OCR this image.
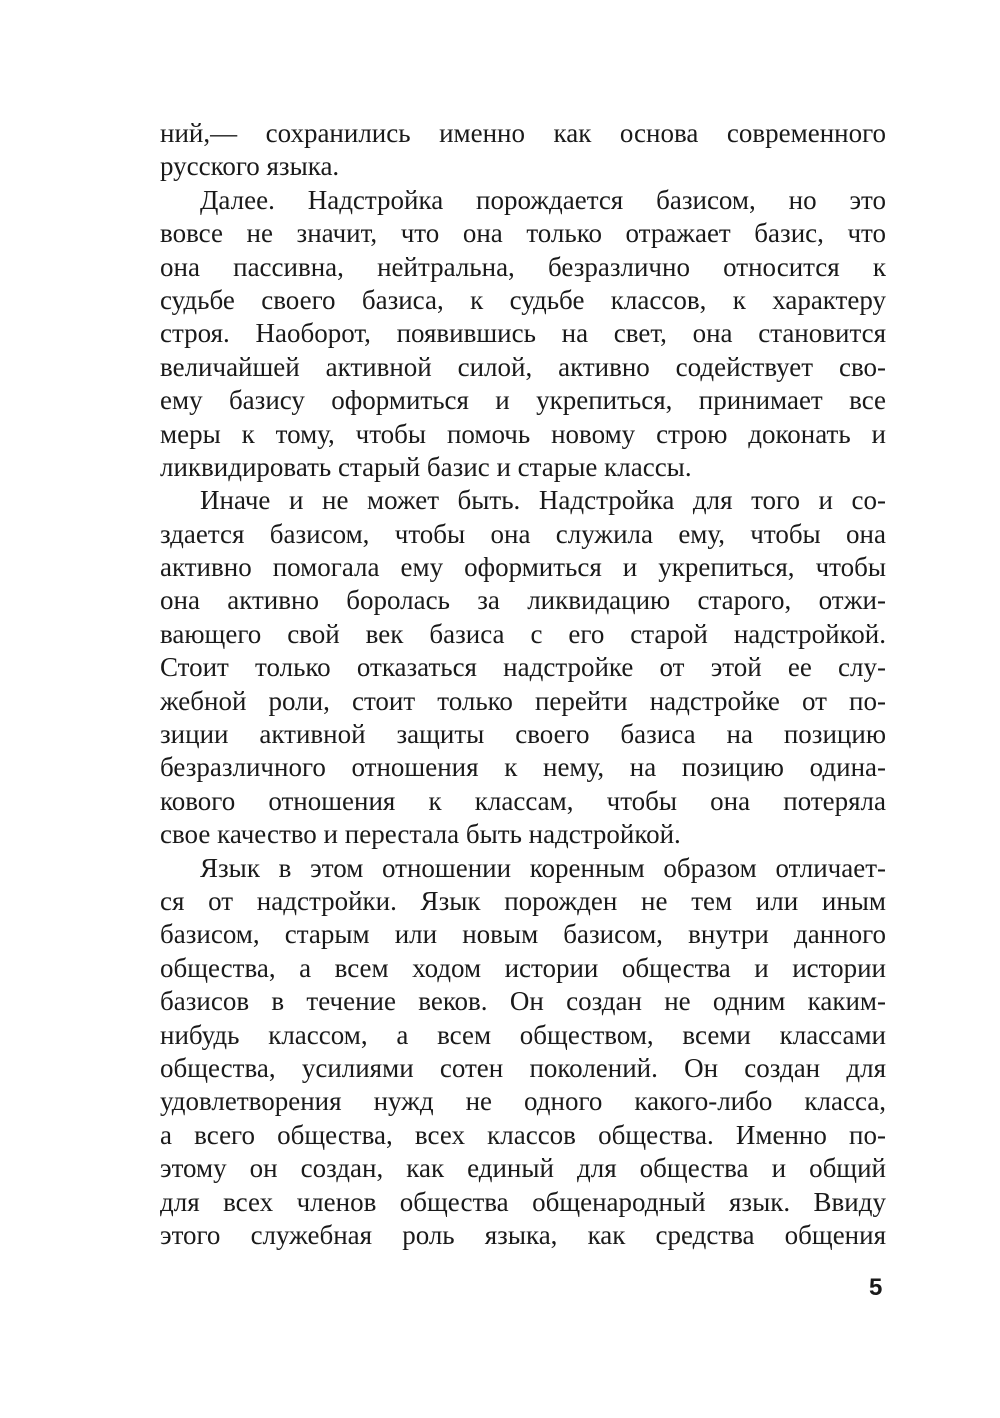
ний,— сохранились именно как основа современного
русского языка.
Далее. Надстройка порождается базисом, но это
вовсе не значит, что она только отражает базис, что
она пассивна, нейтральна, безразлично относится к
судьбе своего базиса, к судьбе классов, к характеру
строя. Наоборот, появившись на свет, она становится
величайшей активной силой, активно содействует сво-
ему базису оформиться и укрепиться, принимает все
меры к тому, чтобы помочь новому строю доконать и
ликвидировать старый базис и старые классы.
Иначе и не может быть. Надстройка для того и со-
здается базисом, чтобы она служила ему, чтобы она
активно помогала ему оформиться и укрепиться, чтобы
она активно боролась за ликвидацию старого, отжи-
вающего свой век базиса с его старой надстройкой.
Стоит только отказаться надстройке от этой ее слу-
жебной роли, стоит только перейти надстройке от по-
зиции активной защиты своего базиса на позицию
безразличного отношения к нему, на позицию одина-
кового отношения к классам, чтобы она потеряла
свое качество и перестала быть надстройкой.
Язык в этом отношении коренным образом отличает-
ся от надстройки. Язык порожден не тем или иным
базисом, старым или новым базисом, внутри данного
общества, а всем ходом истории общества и истории
базисов в течение веков. Он создан не одним каким-
нибудь классом, а всем обществом, всеми классами
общества, усилиями сотен поколений. Он создан для
удовлетворения нужд не одного какого-либо класса,
а всего общества, всех классов общества. Именно по-
этому он создан, как единый для общества и общий
для всех членов общества общенародный язык. Ввиду
этого служебная роль языка, как средства общения
5
